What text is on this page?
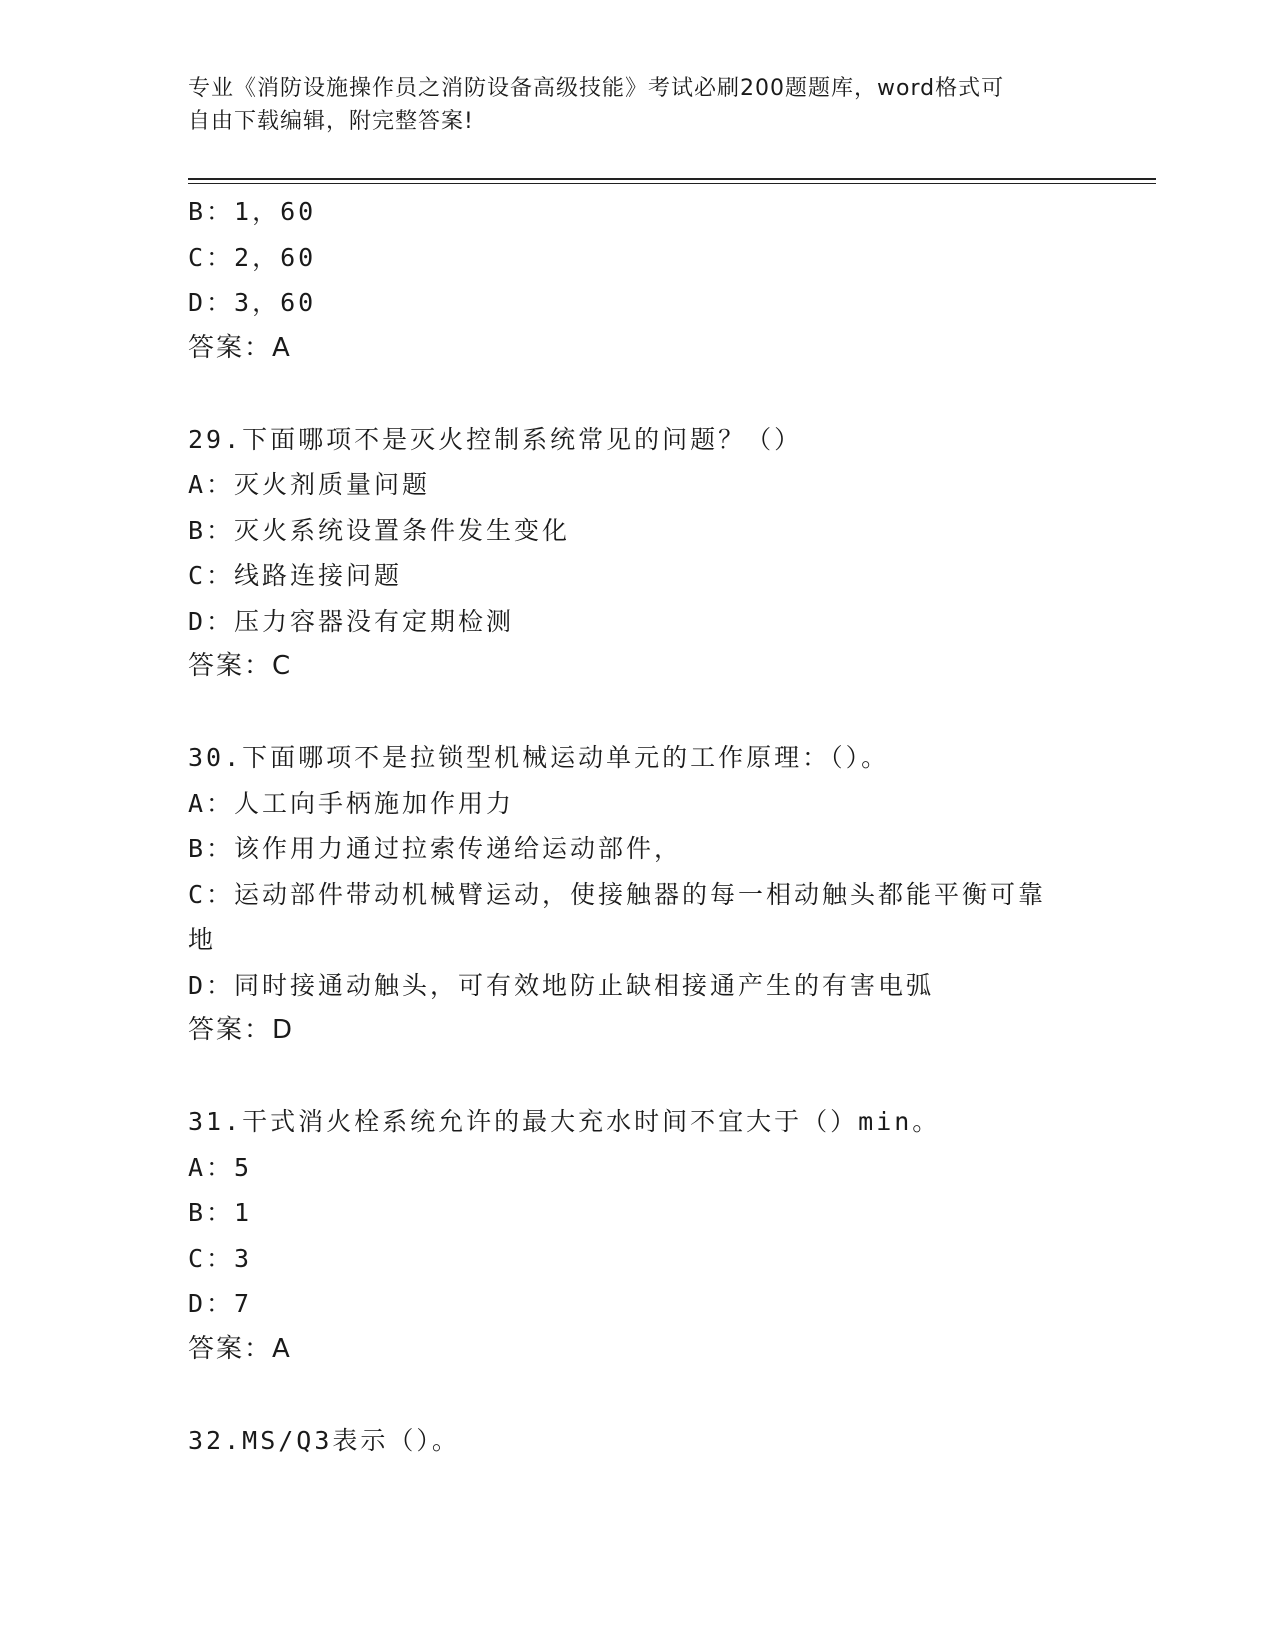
专业《消防设施操作员之消防设备高级技能》考试必刷200题题库，word格式可
自由下载编辑，附完整答案!
B：1，60
C：2，60
D：3，60
答案：A
29.下面哪项不是灭火控制系统常见的问题？（）
A：灭火剂质量问题
B：灭火系统设置条件发生变化
C：线路连接问题
D：压力容器没有定期检测
答案：C
30.下面哪项不是拉锁型机械运动单元的工作原理：（）。
A：人工向手柄施加作用力
B：该作用力通过拉索传递给运动部件，
C：运动部件带动机械臂运动，使接触器的每一相动触头都能平衡可靠
地
D：同时接通动触头，可有效地防止缺相接通产生的有害电弧
答案：D
31.干式消火栓系统允许的最大充水时间不宜大于（）min。
A：5
B：1
C：3
D：7
答案：A
32.MS/Q3表示（）。
